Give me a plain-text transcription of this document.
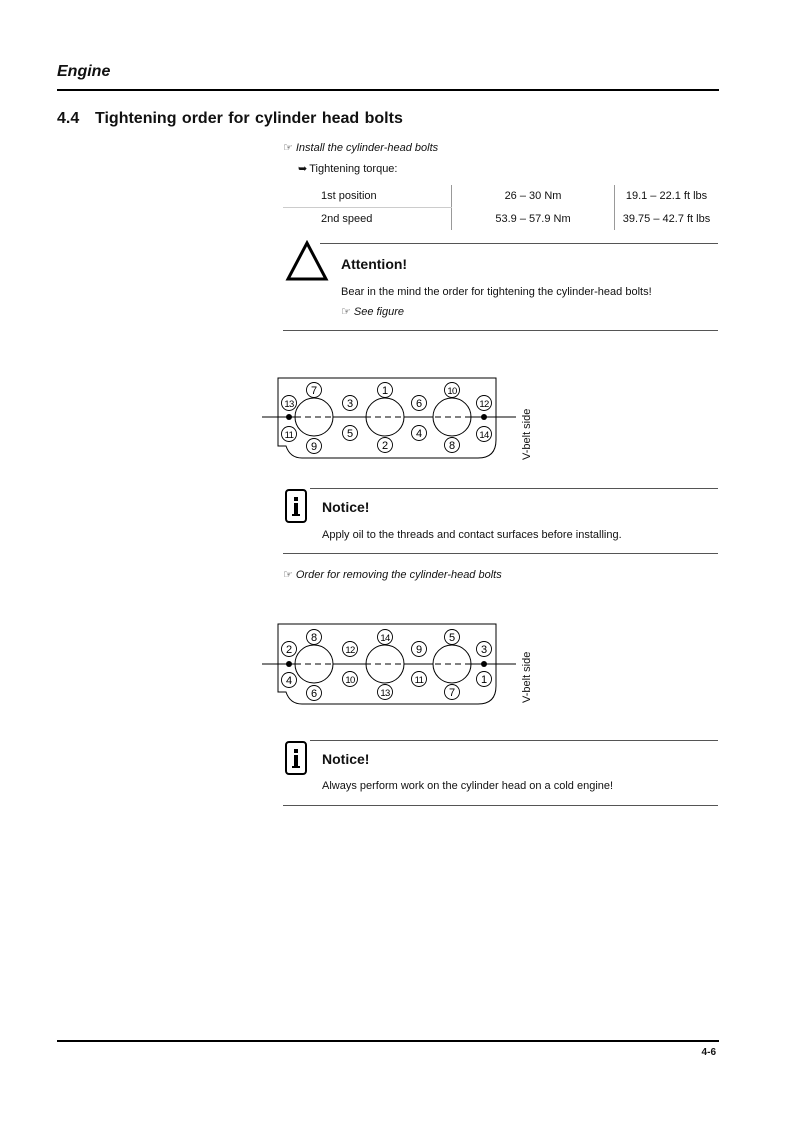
Engine
4.4 Tightening order for cylinder head bolts
☞ Install the cylinder-head bolts
➥ Tightening torque:
1st position	26 – 30 Nm	19.1 – 22.1 ft lbs
2nd speed	53.9 – 57.9 Nm	39.75 – 42.7 ft lbs
Attention!
Bear in the mind the order for tightening the cylinder-head bolts!
☞ See figure
1
2
3
4
5
6
7
8
9
10
11
12
13
14	V-belt side
Notice!
Apply oil to the threads and contact surfaces before installing.
☞ Order for removing the cylinder-head bolts
1
2	3
4
5
6	7
8
9
10	11
12
13
14
V-belt side
Notice!
Always perform work on the cylinder head on a cold engine!
4-6
